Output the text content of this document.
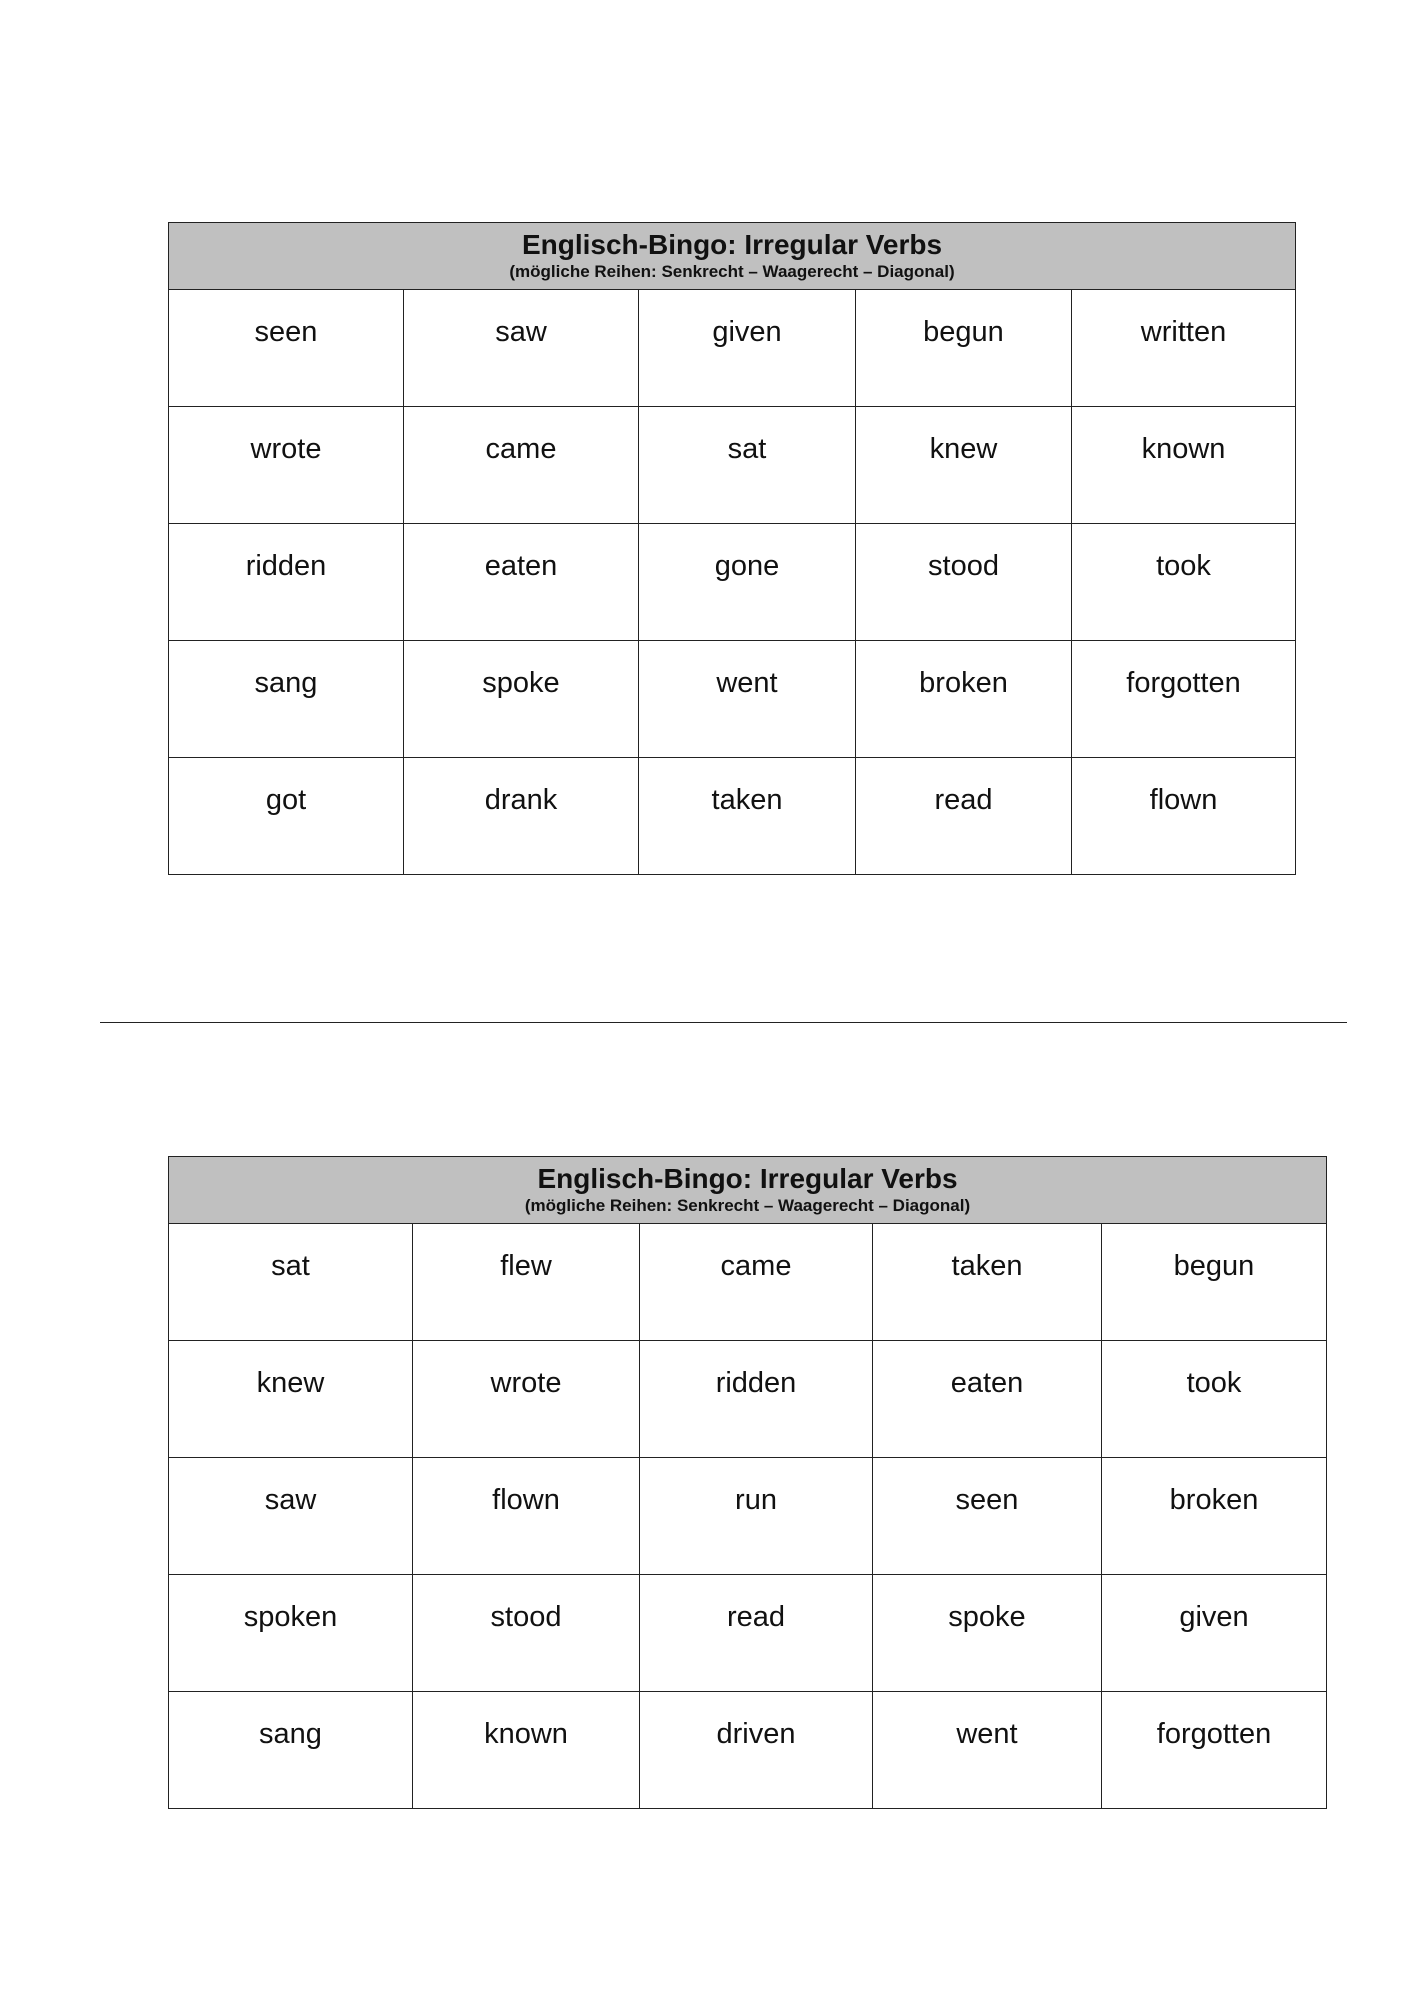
Englisch-Bingo: Irregular Verbs
(mögliche Reihen: Senkrecht – Waagerecht – Diagonal)				

seen	saw	given	begun	written
wrote	came	sat	knew	known
ridden	eaten	gone	stood	took
sang	spoke	went	broken	forgotten
got	drank	taken	read	flown
Englisch-Bingo: Irregular Verbs
(mögliche Reihen: Senkrecht – Waagerecht – Diagonal)				

sat	flew	came	taken	begun
knew	wrote	ridden	eaten	took
saw	flown	run	seen	broken
spoken	stood	read	spoke	given
sang	known	driven	went	forgotten
